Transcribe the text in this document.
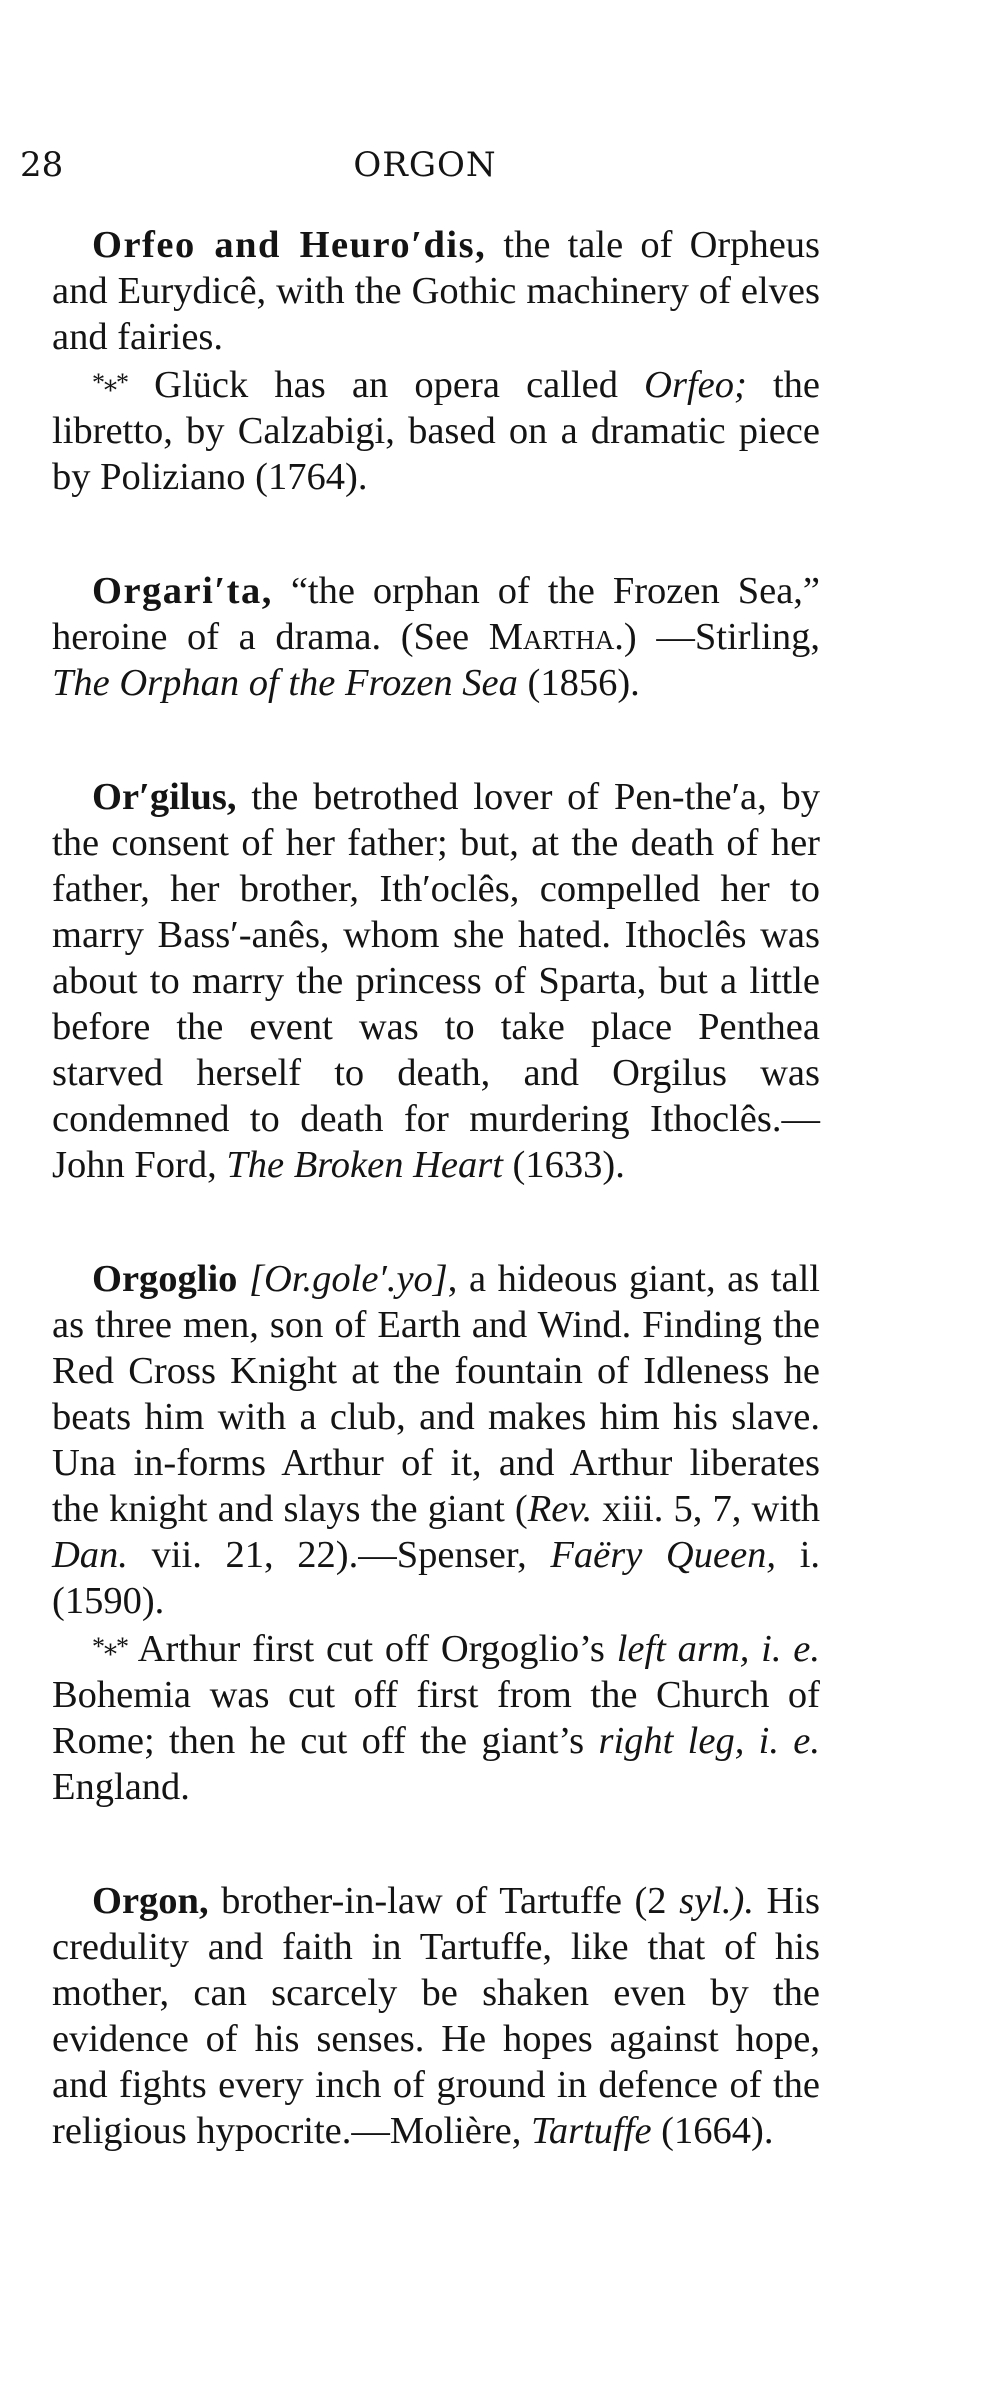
28	ORGON

Orfeo and Heuro′dis, the tale of Orpheus and Eurydicê, with the Gothic machinery of elves and fairies.

*⁎* Glück has an opera called Orfeo; the libretto, by Calzabigi, based on a dramatic piece by Poliziano (1764).

Orgari′ta, “the orphan of the Frozen Sea,” heroine of a drama. (See Martha.) —Stirling, The Orphan of the Frozen Sea (1856).

Or′gilus, the betrothed lover of Pen-the′a, by the consent of her father; but, at the death of her father, her brother, Ith′oclês, compelled her to marry Bass′-anês, whom she hated. Ithoclês was about to marry the princess of Sparta, but a little before the event was to take place Penthea starved herself to death, and Orgilus was condemned to death for murdering Ithoclês.—John Ford, The Broken Heart (1633).

Orgoglio [Or.gole′.yo], a hideous giant, as tall as three men, son of Earth and Wind. Finding the Red Cross Knight at the fountain of Idleness he beats him with a club, and makes him his slave. Una in-forms Arthur of it, and Arthur liberates the knight and slays the giant (Rev. xiii. 5, 7, with Dan. vii. 21, 22).—Spenser, Faëry Queen, i. (1590).

*⁎* Arthur first cut off Orgoglio’s left arm, i. e. Bohemia was cut off first from the Church of Rome; then he cut off the giant’s right leg, i. e. England.

Orgon, brother-in-law of Tartuffe (2 syl.). His credulity and faith in Tartuffe, like that of his mother, can scarcely be shaken even by the evidence of his senses. He hopes against hope, and fights every inch of ground in defence of the religious hypocrite.—Molière, Tartuffe (1664).
